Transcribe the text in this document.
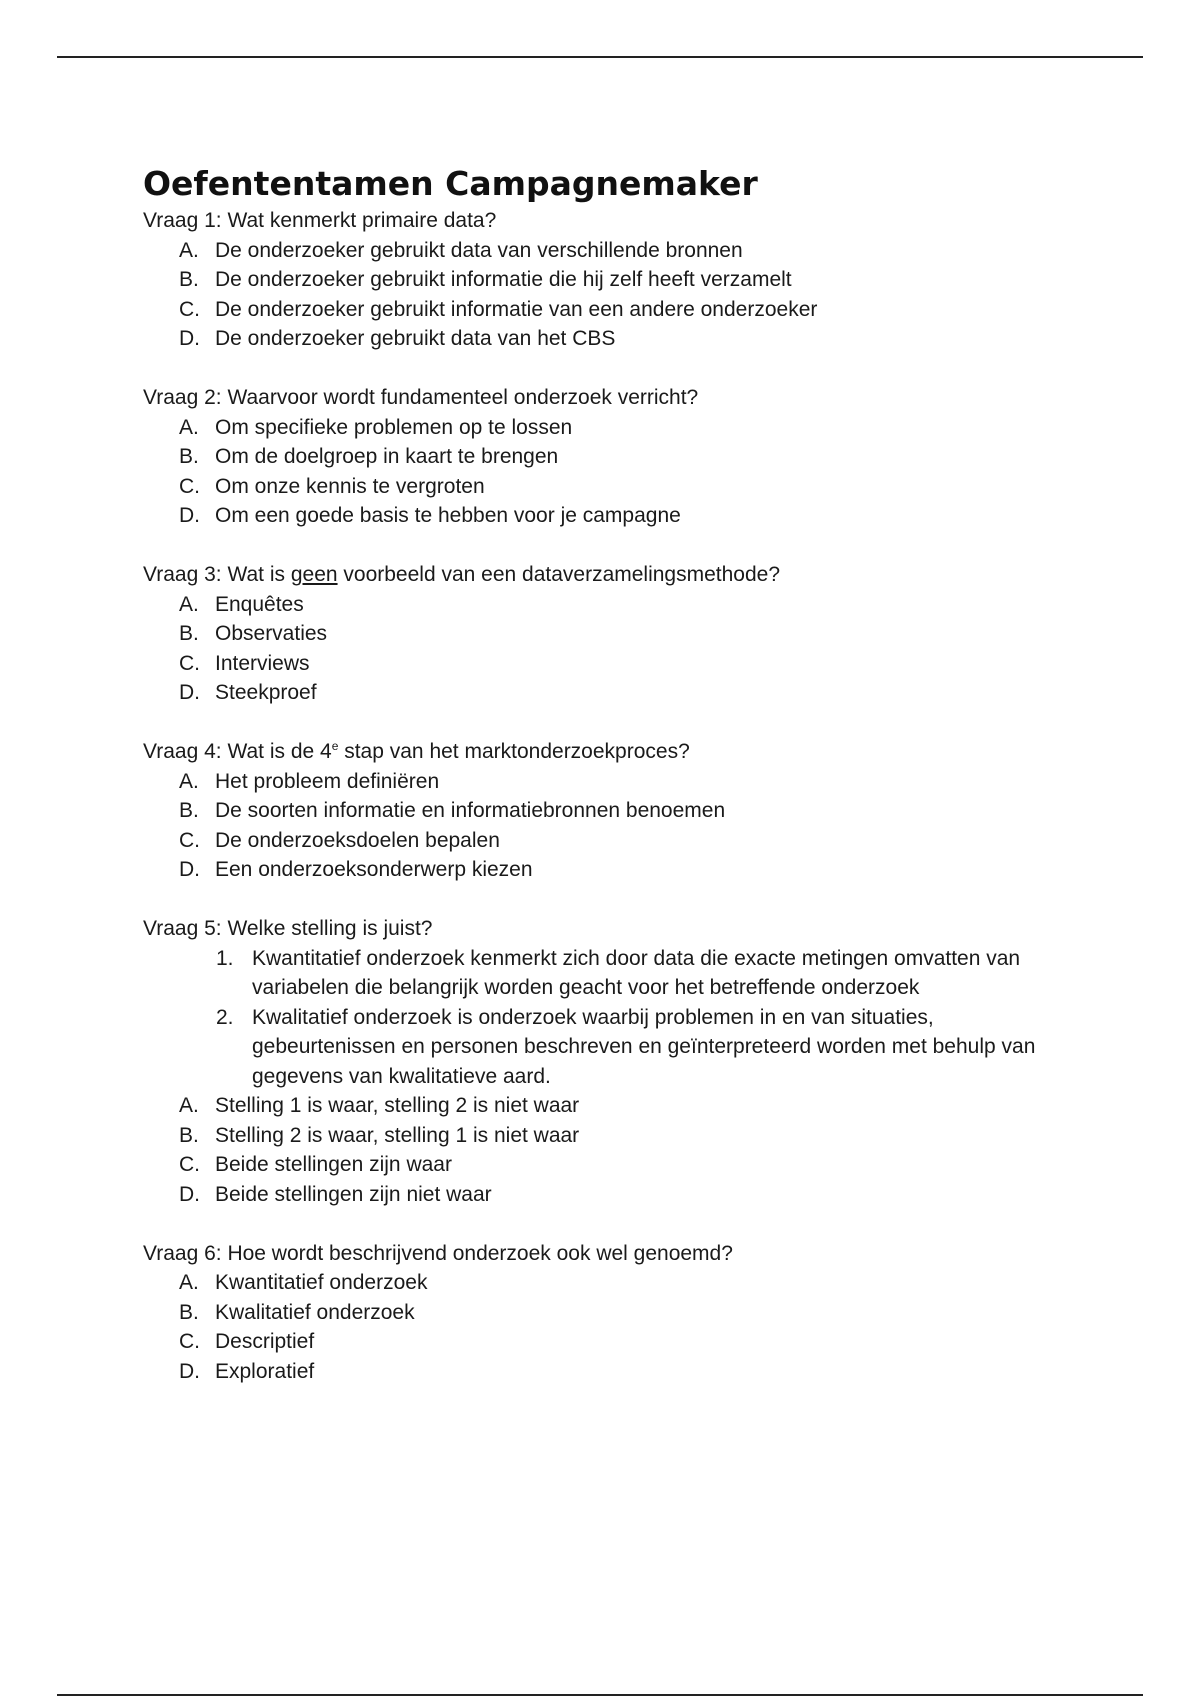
Oefententamen Campagnemaker
Vraag 1: Wat kenmerkt primaire data?
A. De onderzoeker gebruikt data van verschillende bronnen
B. De onderzoeker gebruikt informatie die hij zelf heeft verzamelt
C. De onderzoeker gebruikt informatie van een andere onderzoeker
D. De onderzoeker gebruikt data van het CBS
Vraag 2: Waarvoor wordt fundamenteel onderzoek verricht?
A. Om specifieke problemen op te lossen
B. Om de doelgroep in kaart te brengen
C. Om onze kennis te vergroten
D. Om een goede basis te hebben voor je campagne
Vraag 3: Wat is geen voorbeeld van een dataverzamelingsmethode?
A. Enquêtes
B. Observaties
C. Interviews
D. Steekproef
Vraag 4: Wat is de 4e stap van het marktonderzoekproces?
A. Het probleem definiëren
B. De soorten informatie en informatiebronnen benoemen
C. De onderzoeksdoelen bepalen
D. Een onderzoeksonderwerp kiezen
Vraag 5: Welke stelling is juist?
1. Kwantitatief onderzoek kenmerkt zich door data die exacte metingen omvatten van variabelen die belangrijk worden geacht voor het betreffende onderzoek
2. Kwalitatief onderzoek is onderzoek waarbij problemen in en van situaties, gebeurtenissen en personen beschreven en geïnterpreteerd worden met behulp van gegevens van kwalitatieve aard.
A. Stelling 1 is waar, stelling 2 is niet waar
B. Stelling 2 is waar, stelling 1 is niet waar
C. Beide stellingen zijn waar
D. Beide stellingen zijn niet waar
Vraag 6: Hoe wordt beschrijvend onderzoek ook wel genoemd?
A. Kwantitatief onderzoek
B. Kwalitatief onderzoek
C. Descriptief
D. Exploratief
